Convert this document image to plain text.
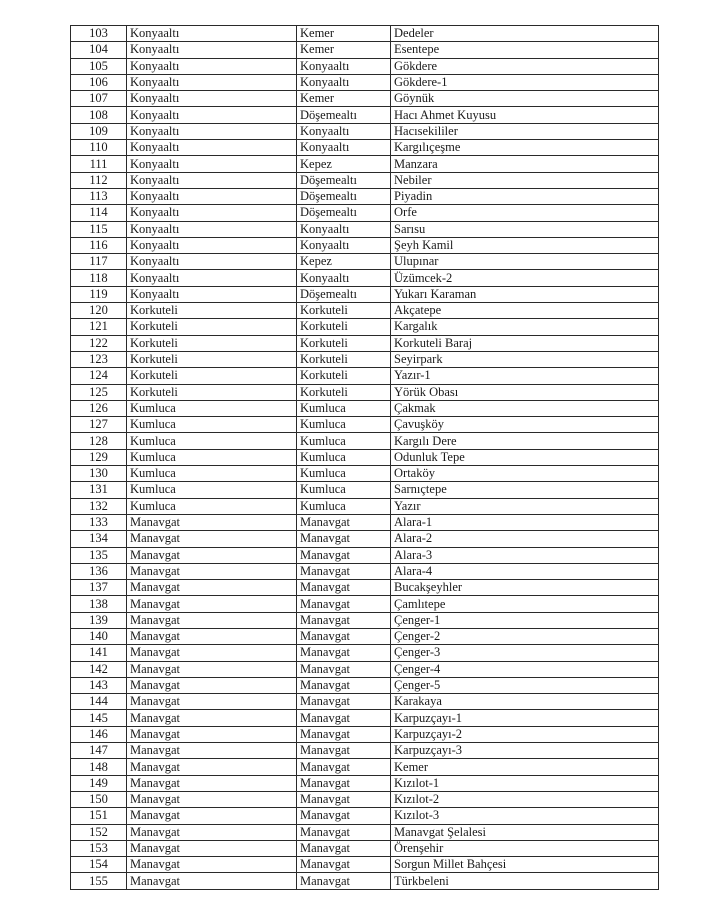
103	Konyaaltı	Kemer	Dedeler
104	Konyaaltı	Kemer	Esentepe
105	Konyaaltı	Konyaaltı	Gökdere
106	Konyaaltı	Konyaaltı	Gökdere-1
107	Konyaaltı	Kemer	Göynük
108	Konyaaltı	Döşemealtı	Hacı Ahmet Kuyusu
109	Konyaaltı	Konyaaltı	Hacısekililer
110	Konyaaltı	Konyaaltı	Kargılıçeşme
111	Konyaaltı	Kepez	Manzara
112	Konyaaltı	Döşemealtı	Nebiler
113	Konyaaltı	Döşemealtı	Piyadin
114	Konyaaltı	Döşemealtı	Orfe
115	Konyaaltı	Konyaaltı	Sarısu
116	Konyaaltı	Konyaaltı	Şeyh Kamil
117	Konyaaltı	Kepez	Ulupınar
118	Konyaaltı	Konyaaltı	Üzümcek-2
119	Konyaaltı	Döşemealtı	Yukarı Karaman
120	Korkuteli	Korkuteli	Akçatepe
121	Korkuteli	Korkuteli	Kargalık
122	Korkuteli	Korkuteli	Korkuteli Baraj
123	Korkuteli	Korkuteli	Seyirpark
124	Korkuteli	Korkuteli	Yazır-1
125	Korkuteli	Korkuteli	Yörük Obası
126	Kumluca	Kumluca	Çakmak
127	Kumluca	Kumluca	Çavuşköy
128	Kumluca	Kumluca	Kargılı Dere
129	Kumluca	Kumluca	Odunluk Tepe
130	Kumluca	Kumluca	Ortaköy
131	Kumluca	Kumluca	Sarnıçtepe
132	Kumluca	Kumluca	Yazır
133	Manavgat	Manavgat	Alara-1
134	Manavgat	Manavgat	Alara-2
135	Manavgat	Manavgat	Alara-3
136	Manavgat	Manavgat	Alara-4
137	Manavgat	Manavgat	Bucakşeyhler
138	Manavgat	Manavgat	Çamlıtepe
139	Manavgat	Manavgat	Çenger-1
140	Manavgat	Manavgat	Çenger-2
141	Manavgat	Manavgat	Çenger-3
142	Manavgat	Manavgat	Çenger-4
143	Manavgat	Manavgat	Çenger-5
144	Manavgat	Manavgat	Karakaya
145	Manavgat	Manavgat	Karpuzçayı-1
146	Manavgat	Manavgat	Karpuzçayı-2
147	Manavgat	Manavgat	Karpuzçayı-3
148	Manavgat	Manavgat	Kemer
149	Manavgat	Manavgat	Kızılot-1
150	Manavgat	Manavgat	Kızılot-2
151	Manavgat	Manavgat	Kızılot-3
152	Manavgat	Manavgat	Manavgat Şelalesi
153	Manavgat	Manavgat	Örenşehir
154	Manavgat	Manavgat	Sorgun Millet Bahçesi
155	Manavgat	Manavgat	Türkbeleni
